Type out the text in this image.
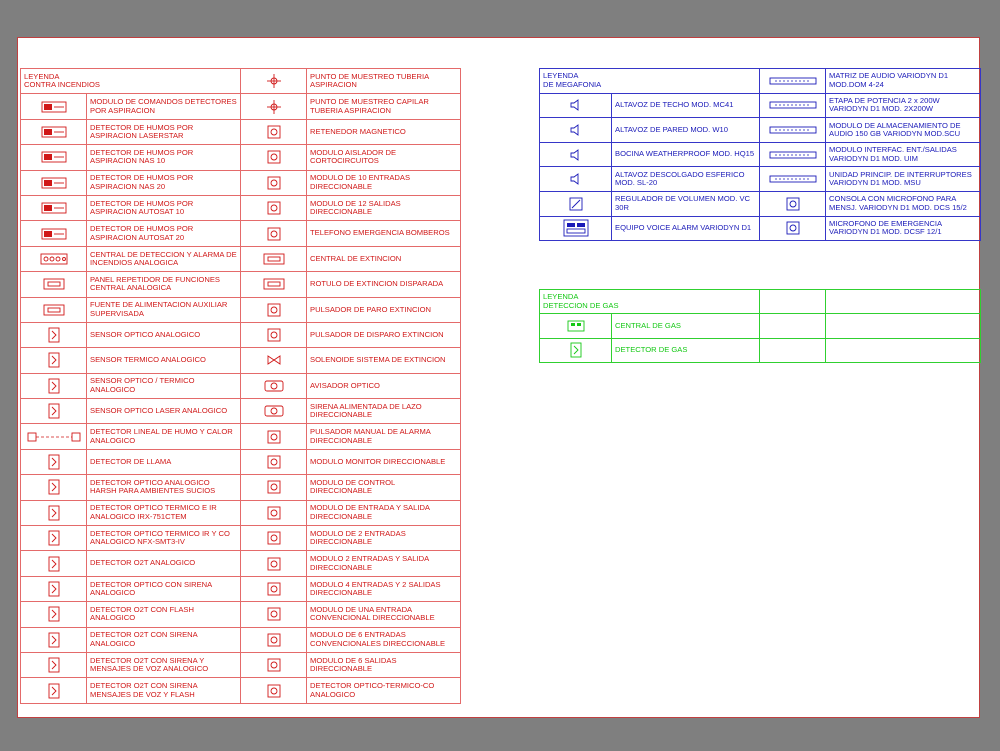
LEYENDA
CONTRA INCENDIOS			PUNTO DE MUESTREO TUBERIA ASPIRACION

	MODULO DE COMANDOS DETECTORES POR ASPIRACION		PUNTO DE MUESTREO CAPILAR TUBERIA ASPIRACION

	DETECTOR DE HUMOS POR ASPIRACION LASERSTAR		RETENEDOR MAGNETICO

	DETECTOR DE HUMOS POR ASPIRACION NAS 10		MODULO AISLADOR DE CORTOCIRCUITOS

	DETECTOR DE HUMOS POR ASPIRACION NAS 20		MODULO DE 10 ENTRADAS DIRECCIONABLE

	DETECTOR DE HUMOS POR ASPIRACION AUTOSAT 10		MODULO DE 12 SALIDAS DIRECCIONABLE

	DETECTOR DE HUMOS POR ASPIRACION AUTOSAT 20		TELEFONO EMERGENCIA BOMBEROS

	CENTRAL DE DETECCION Y ALARMA DE INCENDIOS ANALOGICA		CENTRAL DE EXTINCION

	PANEL REPETIDOR DE FUNCIONES CENTRAL ANALOGICA		ROTULO DE EXTINCION DISPARADA

	FUENTE DE ALIMENTACION AUXILIAR SUPERVISADA		PULSADOR DE PARO EXTINCION

	SENSOR OPTICO ANALOGICO		PULSADOR DE DISPARO EXTINCION

	SENSOR TERMICO ANALOGICO		SOLENOIDE SISTEMA DE EXTINCION

	SENSOR OPTICO / TERMICO ANALOGICO		AVISADOR OPTICO

	SENSOR OPTICO LASER ANALOGICO		SIRENA ALIMENTADA DE LAZO DIRECCIONABLE

	DETECTOR LINEAL DE HUMO Y CALOR ANALOGICO		PULSADOR MANUAL DE ALARMA DIRECCIONABLE

	DETECTOR DE LLAMA		MODULO MONITOR DIRECCIONABLE

	DETECTOR OPTICO ANALOGICO HARSH PARA AMBIENTES SUCIOS		MODULO DE CONTROL DIRECCIONABLE

	DETECTOR OPTICO TERMICO E IR ANALOGICO IRX-751CTEM		MODULO DE ENTRADA Y SALIDA DIRECCIONABLE

	DETECTOR OPTICO TERMICO IR Y CO ANALOGICO NFX-SMT3-IV		MODULO DE 2 ENTRADAS DIRECCIONABLE

	DETECTOR O2T ANALOGICO		MODULO 2 ENTRADAS Y SALIDA DIRECCIONABLE

	DETECTOR OPTICO CON SIRENA ANALOGICO		MODULO 4 ENTRADAS Y 2 SALIDAS DIRECCIONABLE

	DETECTOR O2T CON FLASH ANALOGICO		MODULO DE UNA ENTRADA CONVENCIONAL DIRECCIONABLE

	DETECTOR O2T CON SIRENA ANALOGICO		MODULO DE 6 ENTRADAS CONVENCIONALES DIRECCIONABLE

	DETECTOR O2T CON SIRENA Y MENSAJES DE VOZ ANALOGICO		MODULO DE 6 SALIDAS DIRECCIONABLE

	DETECTOR O2T CON SIRENA MENSAJES DE VOZ Y FLASH		DETECTOR OPTICO-TERMICO-CO ANALOGICO
LEYENDA
DE MEGAFONIA			MATRIZ DE AUDIO VARIODYN D1 MOD.DOM 4-24

	ALTAVOZ DE TECHO MOD. MC41		ETAPA DE POTENCIA 2 x 200W VARIODYN D1 MOD. 2X200W

	ALTAVOZ DE PARED MOD. W10		MODULO DE ALMACENAMIENTO DE AUDIO 150 GB VARIODYN MOD.SCU

	BOCINA WEATHERPROOF MOD. HQ15		MODULO INTERFAC. ENT./SALIDAS VARIODYN D1 MOD. UIM

	ALTAVOZ DESCOLGADO ESFERICO MOD. SL-20		UNIDAD PRINCIP. DE INTERRUPTORES VARIODYN D1 MOD. MSU

	REGULADOR DE VOLUMEN MOD. VC 30R		CONSOLA CON MICROFONO PARA MENSJ. VARIODYN D1 MOD. DCS 15/2

	EQUIPO VOICE ALARM VARIODYN D1		MICROFONO DE EMERGENCIA VARIODYN D1 MOD. DCSF 12/1
LEYENDA
DETECCION DE GAS			

	CENTRAL DE GAS		

	DETECTOR DE GAS		
